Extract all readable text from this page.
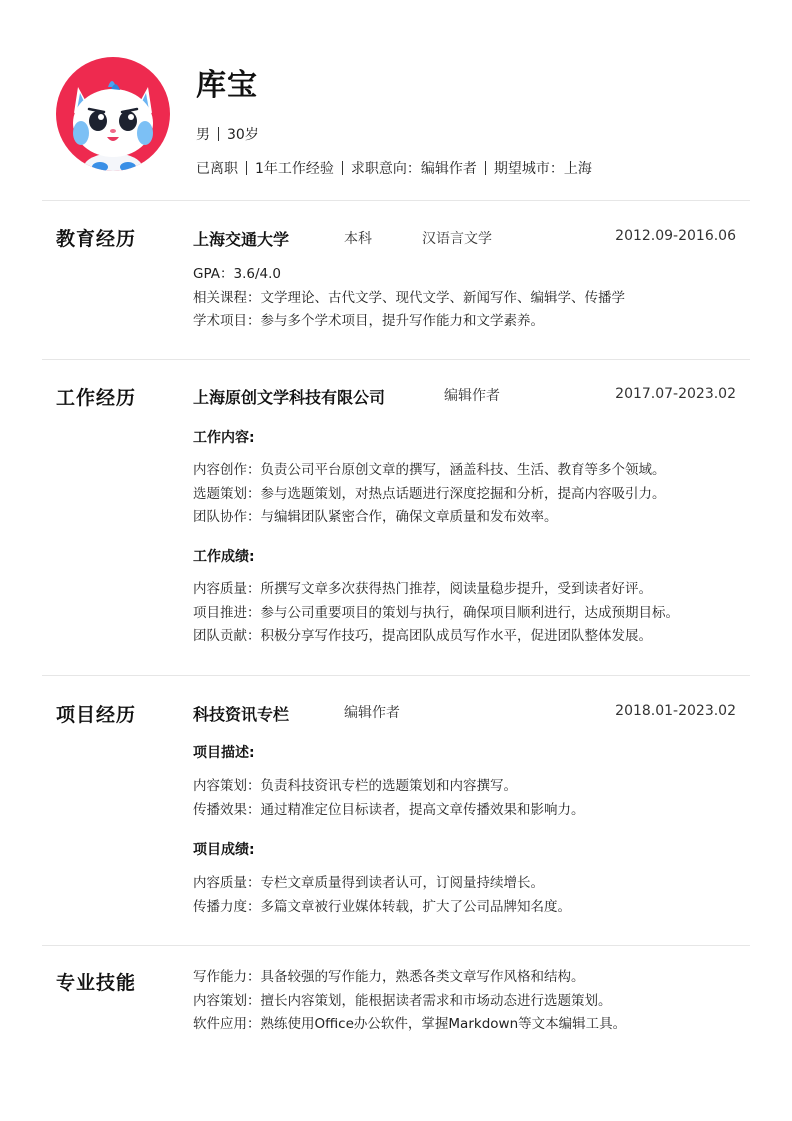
库宝
男 30岁
已离职 1年工作经验 求职意向：编辑作者 期望城市：上海
教育经历	上海交通大学	本科	汉语言文学	2012.09-2016.06
GPA：3.6/4.0
相关课程：文学理论、古代文学、现代文学、新闻写作、编辑学、传播学
学术项目：参与多个学术项目，提升写作能力和文学素养。
工作经历	上海原创文学科技有限公司	编辑作者	2017.07-2023.02
工作内容:
内容创作：负责公司平台原创文章的撰写，涵盖科技、生活、教育等多个领域。
选题策划：参与选题策划，对热点话题进行深度挖掘和分析，提高内容吸引力。
团队协作：与编辑团队紧密合作，确保文章质量和发布效率。
工作成绩:
内容质量：所撰写文章多次获得热门推荐，阅读量稳步提升，受到读者好评。
项目推进：参与公司重要项目的策划与执行，确保项目顺利进行，达成预期目标。
团队贡献：积极分享写作技巧，提高团队成员写作水平，促进团队整体发展。
项目经历	科技资讯专栏	编辑作者	2018.01-2023.02
项目描述:
内容策划：负责科技资讯专栏的选题策划和内容撰写。
传播效果：通过精准定位目标读者，提高文章传播效果和影响力。
项目成绩:
内容质量：专栏文章质量得到读者认可，订阅量持续增长。
传播力度：多篇文章被行业媒体转载，扩大了公司品牌知名度。
专业技能	写作能力：具备较强的写作能力，熟悉各类文章写作风格和结构。
内容策划：擅长内容策划，能根据读者需求和市场动态进行选题策划。
软件应用：熟练使用Office办公软件，掌握Markdown等文本编辑工具。
